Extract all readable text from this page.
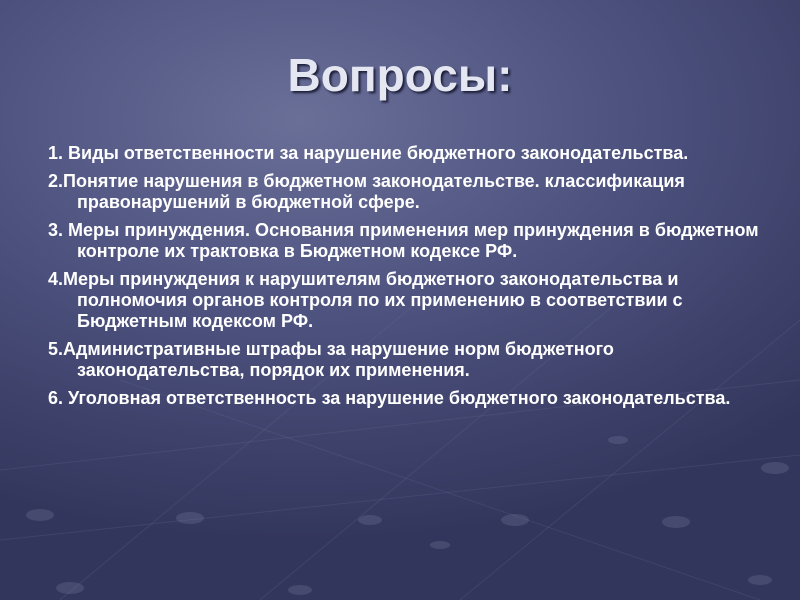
Вопросы:
1. Виды ответственности за нарушение бюджетного законодательства.
2.Понятие нарушения в бюджетном законодательстве. классификация правонарушений в бюджетной сфере.
3. Меры принуждения. Основания применения мер принуждения в бюджетном контроле их трактовка в Бюджетном кодексе РФ.
4.Меры принуждения к нарушителям бюджетного законодательства и полномочия органов контроля по их применению в соответствии с Бюджетным кодексом РФ.
5.Административные штрафы за нарушение норм бюджетного законодательства, порядок их применения.
6. Уголовная ответственность за нарушение бюджетного законодательства.
